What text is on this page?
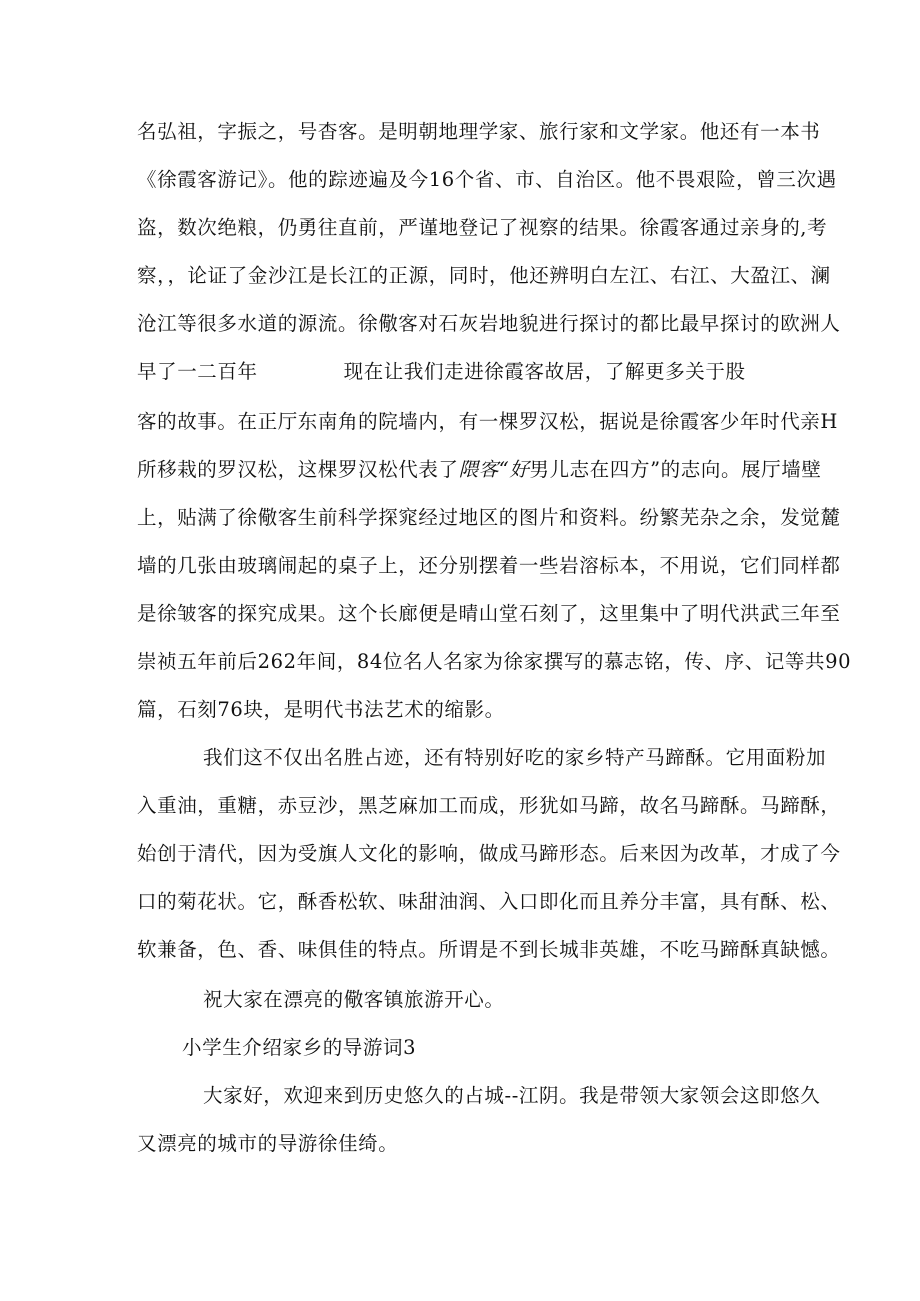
名弘祖，字振之，号杳客。是明朝地理学家、旅行家和文学家。他还有一本书
《徐霞客游记》。他的踪迹遍及今16个省、市、自治区。他不畏艰险，曾三次遇
盗，数次绝粮，仍勇往直前，严谨地登记了视察的结果。徐霞客通过亲身的,考
察，，论证了金沙江是长江的正源，同时，他还辨明白左江、右江、大盈江、澜
沧江等很多水道的源流。徐儆客对石灰岩地貌进行探讨的都比最早探讨的欧洲人
早了一二百年	现在让我们走进徐霞客故居，了解更多关于股
客的故事。在正厅东南角的院墙内，有一棵罗汉松，据说是徐霞客少年时代亲H
所移栽的罗汉松，这棵罗汉松代表了隈客“好男儿志在四方”的志向。展厅墙壁
上，贴满了徐儆客生前科学探窕经过地区的图片和资料。纷繁芜杂之余，发觉麓
墙的几张由玻璃闹起的桌子上，还分别摆着一些岩溶标本，不用说，它们同样都
是徐皱客的探究成果。这个长廊便是晴山堂石刻了，这里集中了明代洪武三年至
崇祯五年前后262年间，84位名人名家为徐家撰写的慕志铭，传、序、记等共90
篇，石刻76块，是明代书法艺术的缩影。
我们这不仅出名胜占迹，还有特别好吃的家乡特产马蹄酥。它用面粉加
入重油，重糖，赤豆沙，黑芝麻加工而成，形犹如马蹄，故名马蹄酥。马蹄酥，
始创于清代，因为受旗人文化的影响，做成马蹄形态。后来因为改革，才成了今
口的菊花状。它，酥香松软、味甜油润、入口即化而且养分丰富，具有酥、松、
软兼备，色、香、味俱佳的特点。所谓是不到长城非英雄，不吃马蹄酥真缺憾。
祝大家在漂亮的儆客镇旅游开心。
小学生介绍家乡的导游词3
大家好，欢迎来到历史悠久的占城--江阴。我是带领大家领会这即悠久
又漂亮的城市的导游徐佳绮。
